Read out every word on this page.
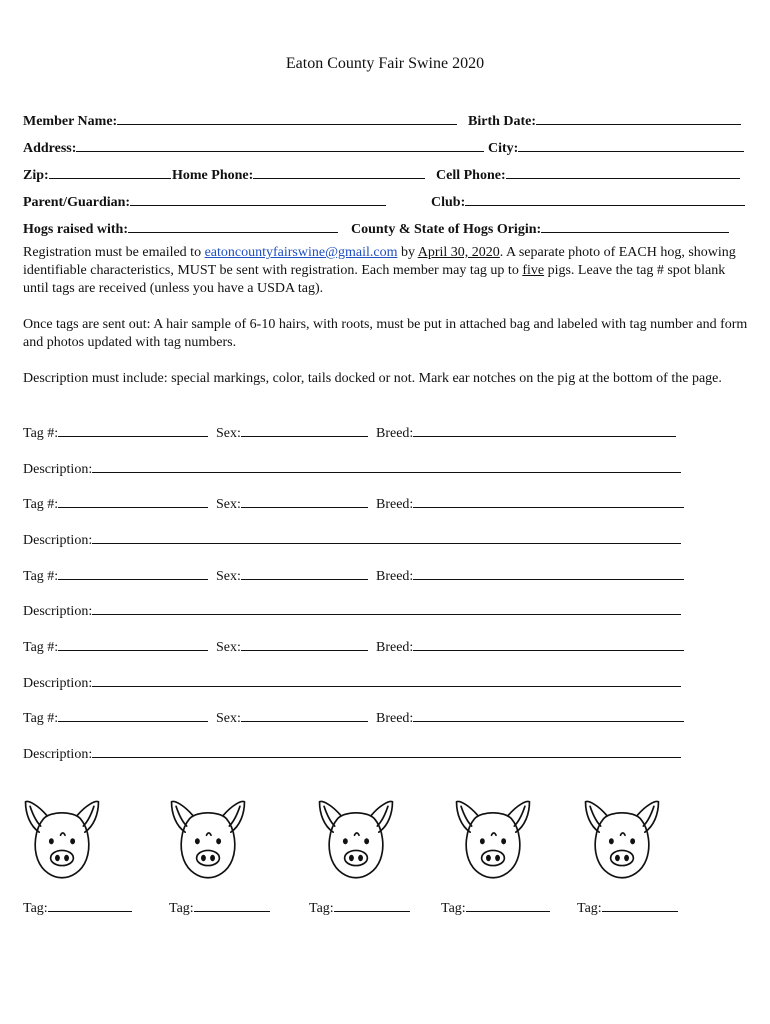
Eaton County Fair Swine 2020
Member Name:	Birth Date:
Address:	City:
Zip:	Home Phone:	Cell Phone:
Parent/Guardian:	Club:
Hogs raised with:	County & State of Hogs Origin:
Registration must be emailed to eatoncountyfairswine@gmail.com by April 30, 2020. A separate photo of EACH hog, showing identifiable characteristics, MUST be sent with registration. Each member may tag up to five pigs. Leave the tag # spot blank until tags are received (unless you have a USDA tag).
Once tags are sent out: A hair sample of 6-10 hairs, with roots, must be put in attached bag and labeled with tag number and form and photos updated with tag numbers.
Description must include: special markings, color, tails docked or not. Mark ear notches on the pig at the bottom of the page.
Tag #:	Sex:	Breed:
Description:
Tag #:	Sex:	Breed:
Description:
Tag #:	Sex:	Breed:
Description:
Tag #:	Sex:	Breed:
Description:
Tag #:	Sex:	Breed:
Description:
Tag:	Tag:	Tag:	Tag:	Tag:
